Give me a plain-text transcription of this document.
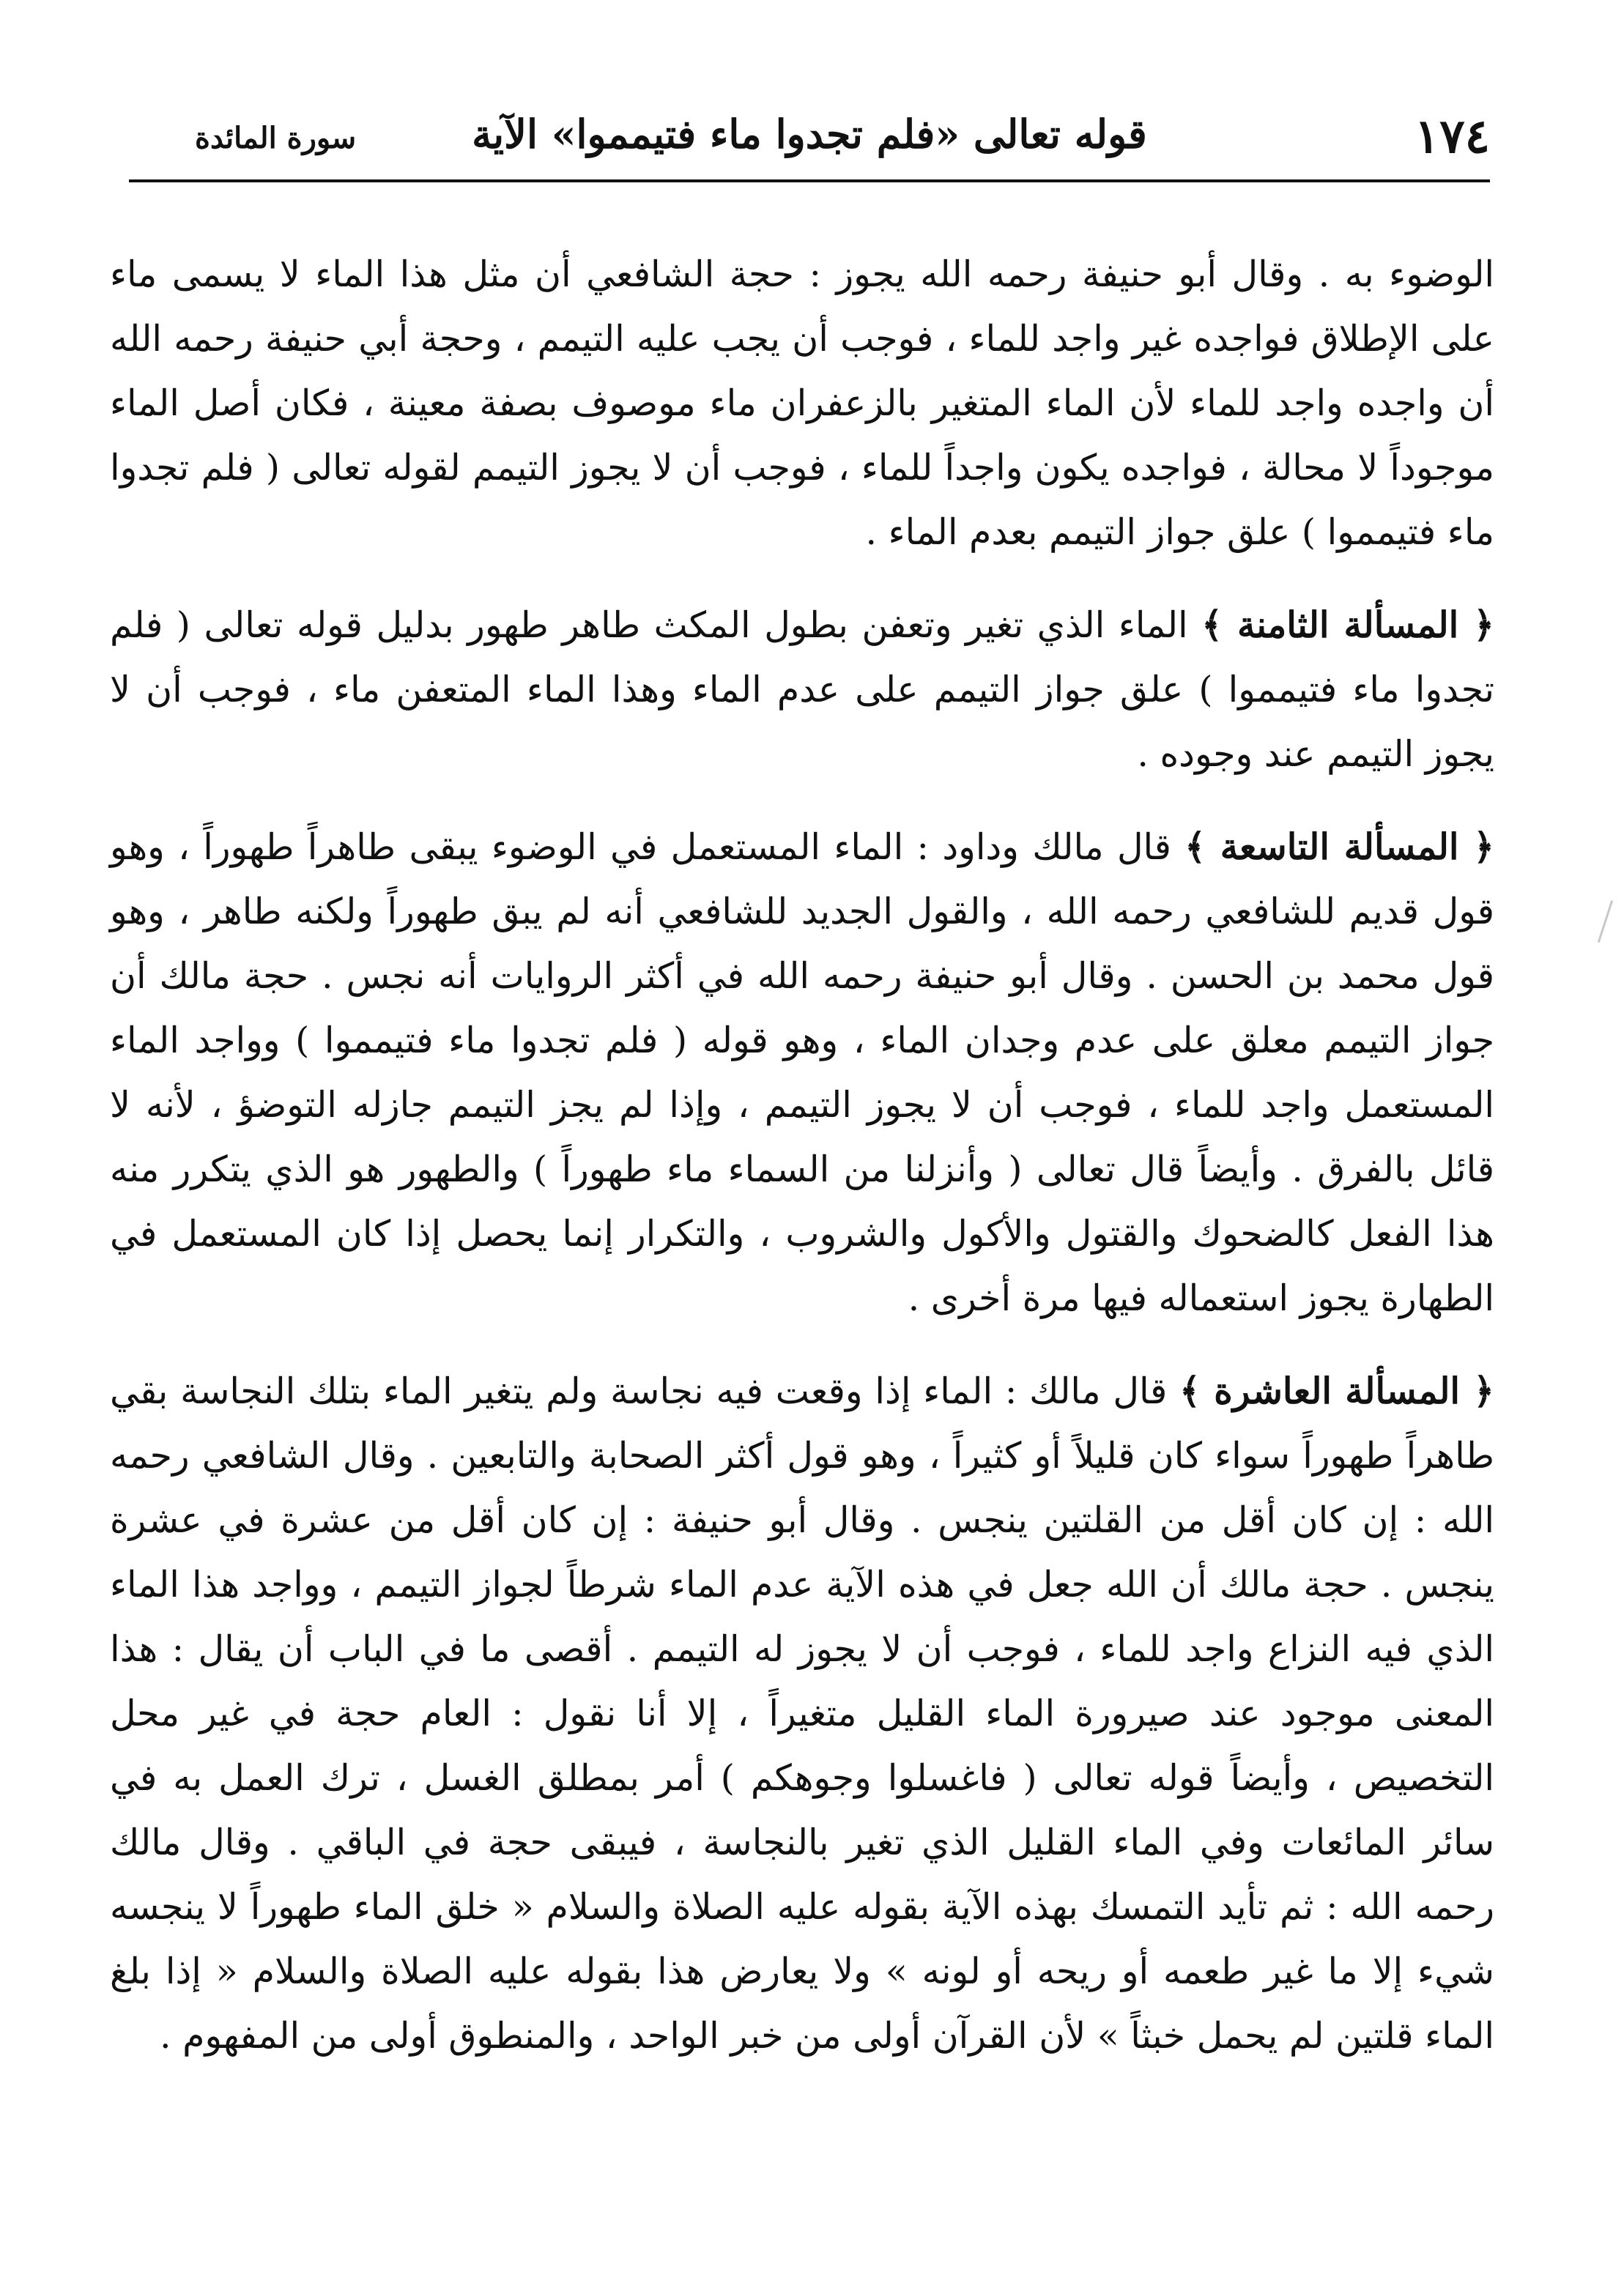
١٧٤
قوله تعالى «فلم تجدوا ماء فتيمموا» الآية
سورة المائدة

الوضوء به . وقال أبو حنيفة رحمه الله يجوز : حجة الشافعي أن مثل هذا الماء لا يسمى ماء على الإطلاق فواجده غير واجد للماء ، فوجب أن يجب عليه التيمم ، وحجة أبي حنيفة رحمه الله أن واجده واجد للماء لأن الماء المتغير بالزعفران ماء موصوف بصفة معينة ، فكان أصل الماء موجوداً لا محالة ، فواجده يكون واجداً للماء ، فوجب أن لا يجوز التيمم لقوله تعالى ( فلم تجدوا ماء فتيمموا ) علق جواز التيمم بعدم الماء .

﴿ المسألة الثامنة ﴾ الماء الذي تغير وتعفن بطول المكث طاهر طهور بدليل قوله تعالى ( فلم تجدوا ماء فتيمموا ) علق جواز التيمم على عدم الماء وهذا الماء المتعفن ماء ، فوجب أن لا يجوز التيمم عند وجوده .

﴿ المسألة التاسعة ﴾ قال مالك وداود : الماء المستعمل في الوضوء يبقى طاهراً طهوراً ، وهو قول قديم للشافعي رحمه الله ، والقول الجديد للشافعي أنه لم يبق طهوراً ولكنه طاهر ، وهو قول محمد بن الحسن . وقال أبو حنيفة رحمه الله في أكثر الروايات أنه نجس . حجة مالك أن جواز التيمم معلق على عدم وجدان الماء ، وهو قوله ( فلم تجدوا ماء فتيمموا ) وواجد الماء المستعمل واجد للماء ، فوجب أن لا يجوز التيمم ، وإذا لم يجز التيمم جازله التوضؤ ، لأنه لا قائل بالفرق . وأيضاً قال تعالى ( وأنزلنا من السماء ماء طهوراً ) والطهور هو الذي يتكرر منه هذا الفعل كالضحوك والقتول والأكول والشروب ، والتكرار إنما يحصل إذا كان المستعمل في الطهارة يجوز استعماله فيها مرة أخرى .

﴿ المسألة العاشرة ﴾ قال مالك : الماء إذا وقعت فيه نجاسة ولم يتغير الماء بتلك النجاسة بقي طاهراً طهوراً سواء كان قليلاً أو كثيراً ، وهو قول أكثر الصحابة والتابعين . وقال الشافعي رحمه الله : إن كان أقل من القلتين ينجس . وقال أبو حنيفة : إن كان أقل من عشرة في عشرة ينجس . حجة مالك أن الله جعل في هذه الآية عدم الماء شرطاً لجواز التيمم ، وواجد هذا الماء الذي فيه النزاع واجد للماء ، فوجب أن لا يجوز له التيمم . أقصى ما في الباب أن يقال : هذا المعنى موجود عند صيرورة الماء القليل متغيراً ، إلا أنا نقول : العام حجة في غير محل التخصيص ، وأيضاً قوله تعالى ( فاغسلوا وجوهكم ) أمر بمطلق الغسل ، ترك العمل به في سائر المائعات وفي الماء القليل الذي تغير بالنجاسة ، فيبقى حجة في الباقي . وقال مالك رحمه الله : ثم تأيد التمسك بهذه الآية بقوله عليه الصلاة والسلام « خلق الماء طهوراً لا ينجسه شيء إلا ما غير طعمه أو ريحه أو لونه » ولا يعارض هذا بقوله عليه الصلاة والسلام « إذا بلغ الماء قلتين لم يحمل خبثاً » لأن القرآن أولى من خبر الواحد ، والمنطوق أولى من المفهوم .
